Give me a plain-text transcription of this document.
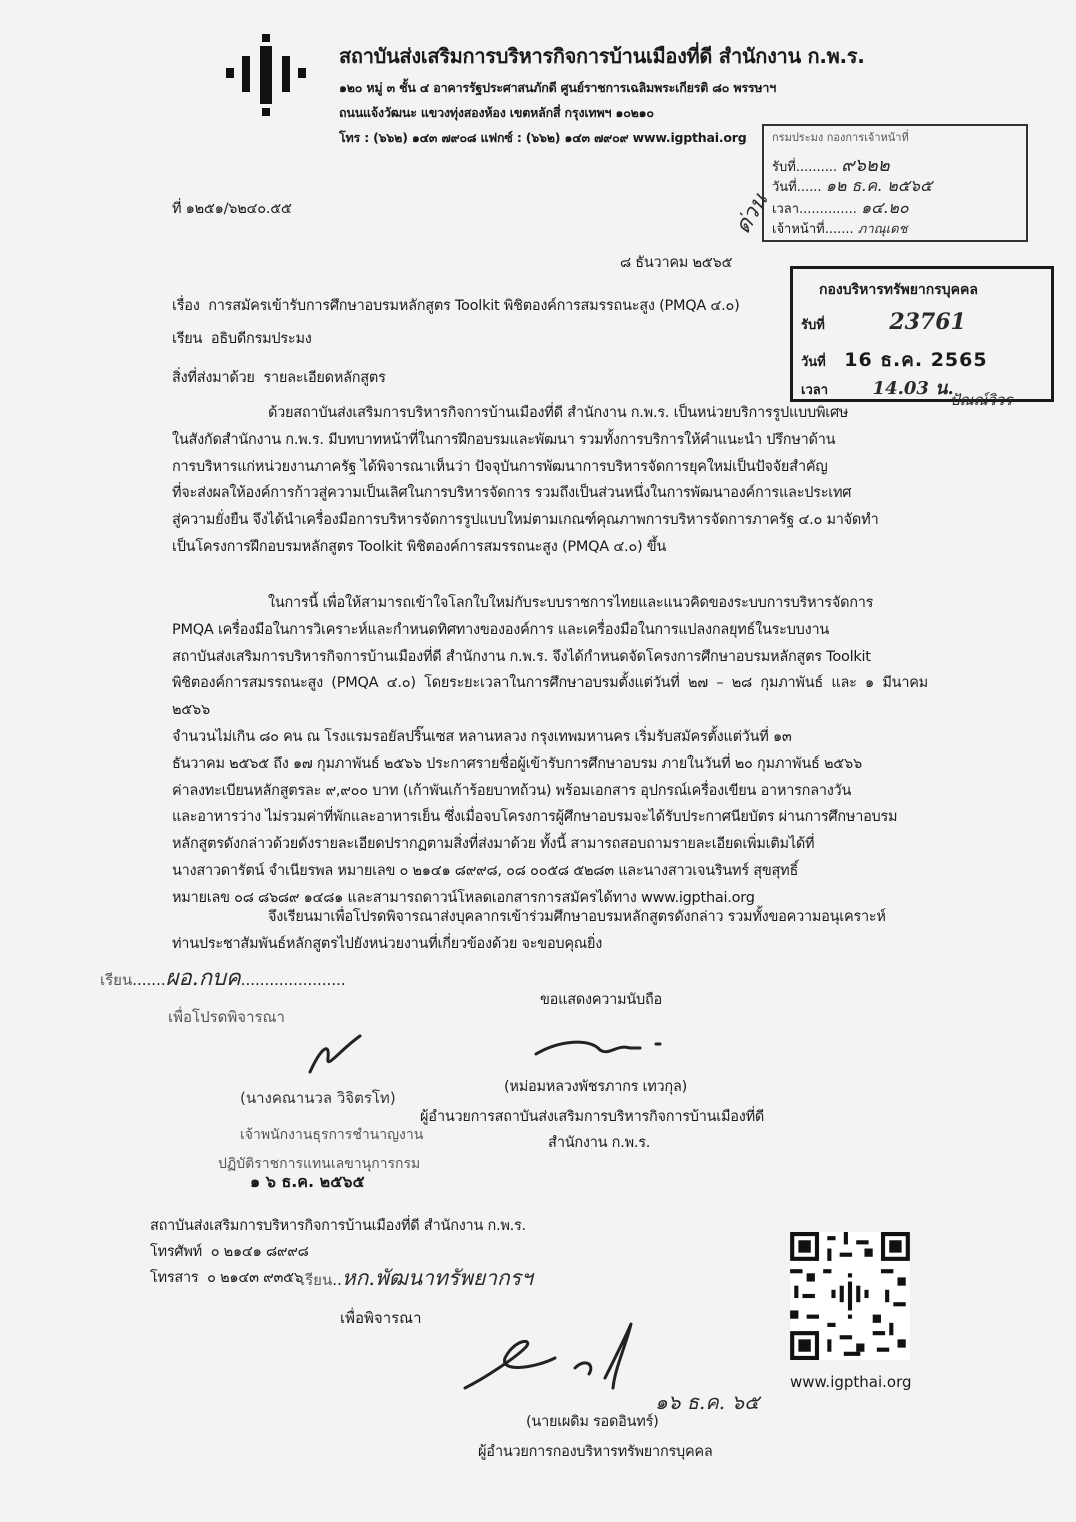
สถาบันส่งเสริมการบริหารกิจการบ้านเมืองที่ดี สำนักงาน ก.พ.ร.
๑๒๐ หมู่ ๓ ชั้น ๔ อาคารรัฐประศาสนภักดี ศูนย์ราชการเฉลิมพระเกียรติ ๘๐ พรรษาฯ
ถนนแจ้งวัฒนะ แขวงทุ่งสองห้อง เขตหลักสี่ กรุงเทพฯ ๑๐๒๑๐
โทร : (๖๖๒) ๑๔๓ ๗๙๐๘ แฟกซ์ : (๖๖๒) ๑๔๓ ๗๙๐๙ www.igpthai.org กรมประมง กองการเจ้าหน้าที่
รับที่.......... ๙๖๒๒
วันที่...... ๑๒ ธ.ค. ๒๕๖๕
เวลา.............. ๑๔.๒๐
เจ้าหน้าที่....... ภาณุเดช
ด่วน
ที่ ๑๒๕๑/๖๒๔๐.๕๕
๘ ธันวาคม ๒๕๖๕
กองบริหารทรัพยากรบุคคล
รับที่	23761
วันที่ 16 ธ.ค. 2565
เวลา 14.03 น.
ปัณณ์วิวร
เรื่อง การสมัครเข้ารับการศึกษาอบรมหลักสูตร Toolkit พิชิตองค์การสมรรถนะสูง (PMQA ๔.๐)
เรียน อธิบดีกรมประมง
สิ่งที่ส่งมาด้วย รายละเอียดหลักสูตร

ด้วยสถาบันส่งเสริมการบริหารกิจการบ้านเมืองที่ดี สำนักงาน ก.พ.ร. เป็นหน่วยบริการรูปแบบพิเศษ

ในสังกัดสำนักงาน ก.พ.ร. มีบทบาทหน้าที่ในการฝึกอบรมและพัฒนา รวมทั้งการบริการให้คำแนะนำ ปรึกษาด้าน

การบริหารแก่หน่วยงานภาครัฐ ได้พิจารณาเห็นว่า ปัจจุบันการพัฒนาการบริหารจัดการยุคใหม่เป็นปัจจัยสำคัญ

ที่จะส่งผลให้องค์การก้าวสู่ความเป็นเลิศในการบริหารจัดการ รวมถึงเป็นส่วนหนึ่งในการพัฒนาองค์การและประเทศ

สู่ความยั่งยืน จึงได้นำเครื่องมือการบริหารจัดการรูปแบบใหม่ตามเกณฑ์คุณภาพการบริหารจัดการภาครัฐ ๔.๐ มาจัดทำ

เป็นโครงการฝึกอบรมหลักสูตร Toolkit พิชิตองค์การสมรรถนะสูง (PMQA ๔.๐) ขึ้น

ในการนี้ เพื่อให้สามารถเข้าใจโลกใบใหม่กับระบบราชการไทยและแนวคิดของระบบการบริหารจัดการ

PMQA เครื่องมือในการวิเคราะห์และกำหนดทิศทางขององค์การ และเครื่องมือในการแปลงกลยุทธ์ในระบบงาน

สถาบันส่งเสริมการบริหารกิจการบ้านเมืองที่ดี สำนักงาน ก.พ.ร. จึงได้กำหนดจัดโครงการศึกษาอบรมหลักสูตร Toolkit

พิชิตองค์การสมรรถนะสูง (PMQA ๔.๐) โดยระยะเวลาในการศึกษาอบรมตั้งแต่วันที่ ๒๗ – ๒๘ กุมภาพันธ์ และ ๑ มีนาคม ๒๕๖๖

จำนวนไม่เกิน ๘๐ คน ณ โรงแรมรอยัลปริ๊นเซส หลานหลวง กรุงเทพมหานคร เริ่มรับสมัครตั้งแต่วันที่ ๑๓

ธันวาคม ๒๕๖๕ ถึง ๑๗ กุมภาพันธ์ ๒๕๖๖ ประกาศรายชื่อผู้เข้ารับการศึกษาอบรม ภายในวันที่ ๒๐ กุมภาพันธ์ ๒๕๖๖

ค่าลงทะเบียนหลักสูตรละ ๙,๙๐๐ บาท (เก้าพันเก้าร้อยบาทถ้วน) พร้อมเอกสาร อุปกรณ์เครื่องเขียน อาหารกลางวัน

และอาหารว่าง ไม่รวมค่าที่พักและอาหารเย็น ซึ่งเมื่อจบโครงการผู้ศึกษาอบรมจะได้รับประกาศนียบัตร ผ่านการศึกษาอบรม

หลักสูตรดังกล่าวด้วยดังรายละเอียดปรากฏตามสิ่งที่ส่งมาด้วย ทั้งนี้ สามารถสอบถามรายละเอียดเพิ่มเติมได้ที่

นางสาวดารัตน์ จำเนียรพล หมายเลข ๐ ๒๑๔๑ ๘๙๙๘, ๐๘ ๐๐๕๘ ๕๒๘๓ และนางสาวเจนรินทร์ สุขสุทธิ์

หมายเลข ๐๘ ๘๖๘๙ ๑๔๘๑ และสามารถดาวน์โหลดเอกสารการสมัครได้ทาง www.igpthai.org

จึงเรียนมาเพื่อโปรดพิจารณาส่งบุคลากรเข้าร่วมศึกษาอบรมหลักสูตรดังกล่าว รวมทั้งขอความอนุเคราะห์

ท่านประชาสัมพันธ์หลักสูตรไปยังหน่วยงานที่เกี่ยวข้องด้วย จะขอบคุณยิ่ง

เรียน.......ผอ.กบค......................
เพื่อโปรดพิจารณา
ขอแสดงความนับถือ
(นางคณานวล วิจิตรโท)
เจ้าพนักงานธุรการชำนาญงาน
ปฏิบัติราชการแทนเลขานุการกรม
๑ ๖ ธ.ค. ๒๕๖๕
(หม่อมหลวงพัชรภากร เทวกุล)
ผู้อำนวยการสถาบันส่งเสริมการบริหารกิจการบ้านเมืองที่ดี
สำนักงาน ก.พ.ร.
สถาบันส่งเสริมการบริหารกิจการบ้านเมืองที่ดี สำนักงาน ก.พ.ร.
โทรศัพท์ ๐ ๒๑๔๑ ๘๙๙๘
โทรสาร ๐ ๒๑๔๓ ๙๓๕๖
เรียน..หก.พัฒนาทรัพยากรฯ
เพื่อพิจารณา
๑๖ ธ.ค. ๖๕
(นายเผดิม รอดอินทร์)
ผู้อำนวยการกองบริหารทรัพยากรบุคคล
www.igpthai.org
